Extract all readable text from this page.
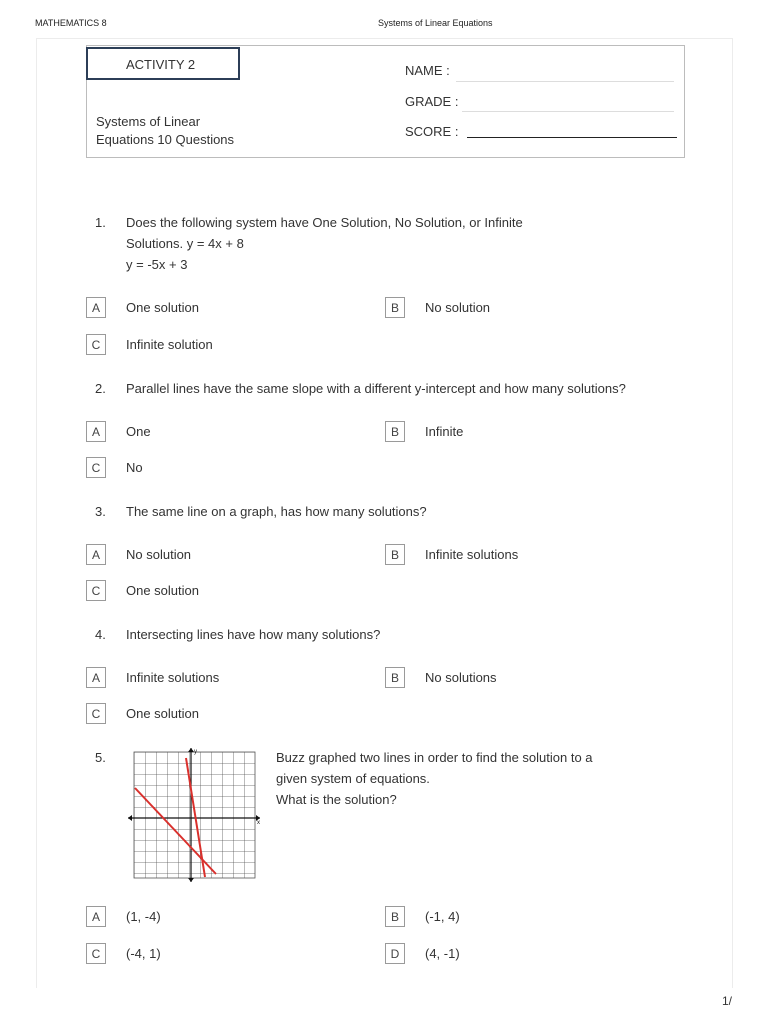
MATHEMATICS 8	Systems of Linear Equations
ACTIVITY 2
Systems of Linear
Equations 10 Questions
NAME :
GRADE :
SCORE :
1. Does the following system have One Solution, No Solution, or Infinite
Solutions. y = 4x + 8
y = -5x + 3
A	One solution	B	No solution
C	Infinite solution
2. Parallel lines have the same slope with a different y-intercept and how many solutions?
A	One	B	Infinite
C	No
3. The same line on a graph, has how many solutions?
A	No solution	B	Infinite solutions
C	One solution
4. Intersecting lines have how many solutions?
A	Infinite solutions	B	No solutions
C	One solution
5.	Buzz graphed two lines in order to find the solution to a
given system of equations.
What is the solution?
x
y
A	(1, -4)	B	(-1, 4)
C	(-4, 1)	D	(4, -1)
1/
